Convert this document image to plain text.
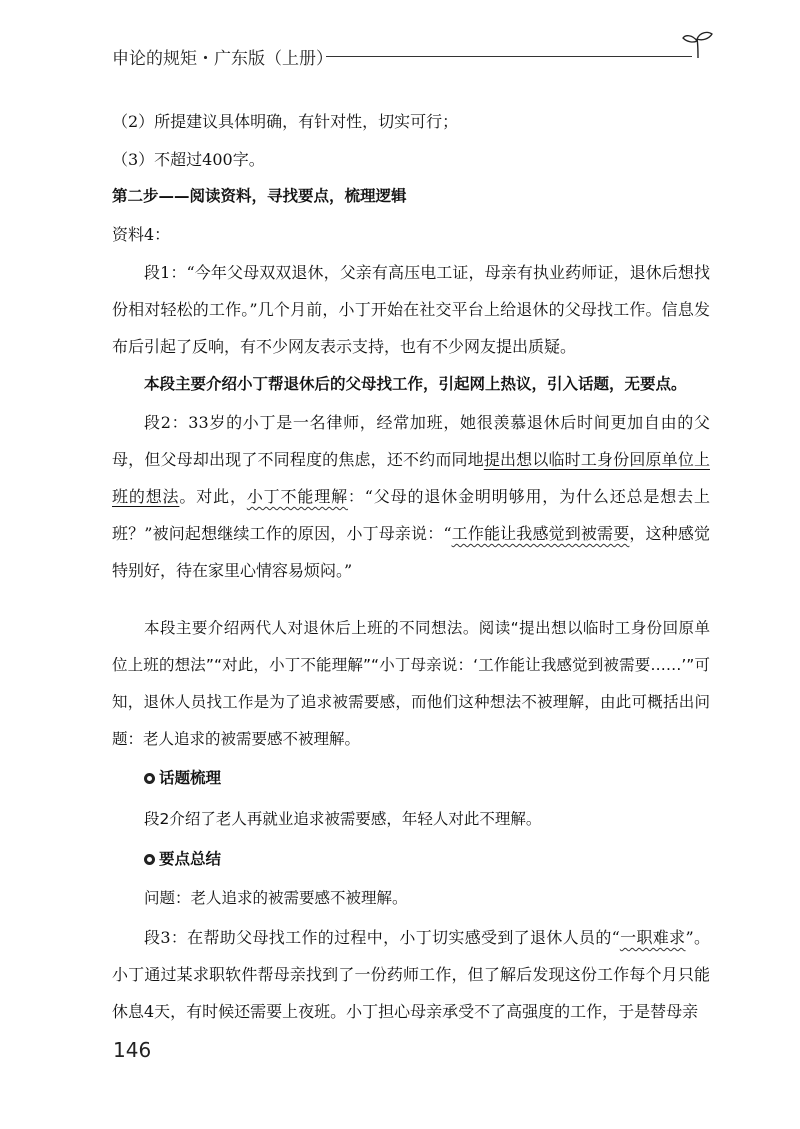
申论的规矩・广东版（上册）

（2）所提建议具体明确，有针对性，切实可行；

（3）不超过400字。

第二步——阅读资料，寻找要点，梳理逻辑

资料4：

段1：“今年父母双双退休，父亲有高压电工证，母亲有执业药师证，退休后想找份相对轻松的工作。”几个月前，小丁开始在社交平台上给退休的父母找工作。信息发布后引起了反响，有不少网友表示支持，也有不少网友提出质疑。

本段主要介绍小丁帮退休后的父母找工作，引起网上热议，引入话题，无要点。

段2：33岁的小丁是一名律师，经常加班，她很羡慕退休后时间更加自由的父母，但父母却出现了不同程度的焦虑，还不约而同地提出想以临时工身份回原单位上班的想法。对此，小丁不能理解：“父母的退休金明明够用，为什么还总是想去上班？”被问起想继续工作的原因，小丁母亲说：“工作能让我感觉到被需要，这种感觉特别好，待在家里心情容易烦闷。”

本段主要介绍两代人对退休后上班的不同想法。阅读“提出想以临时工身份回原单位上班的想法”“对此，小丁不能理解”“小丁母亲说：‘工作能让我感觉到被需要……’”可知，退休人员找工作是为了追求被需要感，而他们这种想法不被理解，由此可概括出问题：老人追求的被需要感不被理解。

话题梳理

段2介绍了老人再就业追求被需要感，年轻人对此不理解。

要点总结

问题：老人追求的被需要感不被理解。

段3：在帮助父母找工作的过程中，小丁切实感受到了退休人员的“一职难求”。小丁通过某求职软件帮母亲找到了一份药师工作，但了解后发现这份工作每个月只能休息4天，有时候还需要上夜班。小丁担心母亲承受不了高强度的工作，于是替母亲

146
